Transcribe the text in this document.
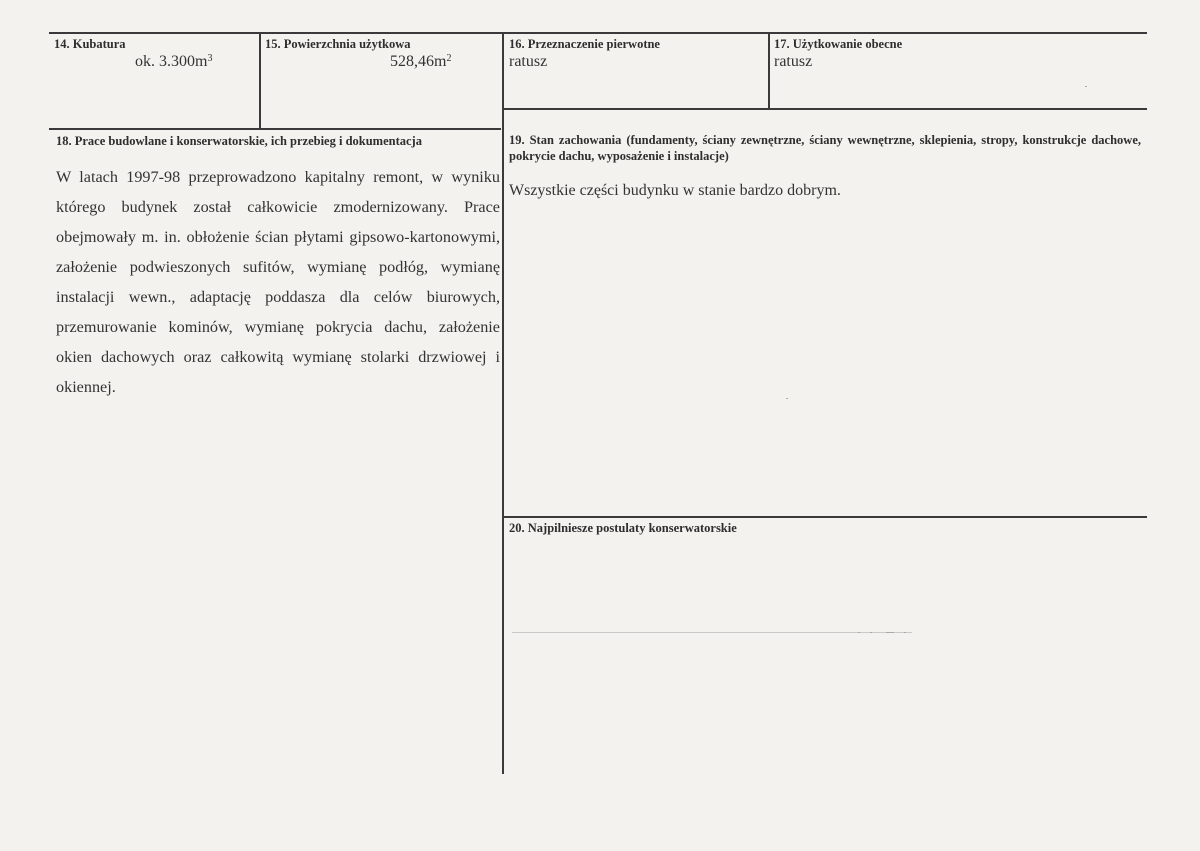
14. Kubatura
ok. $3.300m^3$
15. Powierzchnia użytkowa
$528,46m^2$
16. Przeznaczenie pierwotne
ratusz
17. Użytkowanie obecne
ratusz
18. Prace budowlane i konserwatorskie, ich przebieg i dokumentacja

W latach 1997-98 przeprowadzono kapitalny remont, w wyniku którego budynek został całkowicie zmodernizowany. Prace obejmowały m. in. obłożenie ścian płytami gipsowo-kartonowymi, założenie podwieszonych sufitów, wymianę podłóg, wymianę instalacji wewn., adaptację poddasza dla celów biurowych, przemurowanie kominów, wymianę pokrycia dachu, założenie okien dachowych oraz całkowitą wymianę stolarki drzwiowej i okiennej.

19. Stan zachowania (fundamenty, ściany zewnętrzne, ściany wewnętrzne, sklepienia, stropy, konstrukcje dachowe, pokrycie dachu, wyposażenie i instalacje)
Wszystkie części budynku w stanie bardzo dobrym.
20. Najpilniesze postulaty konserwatorskie
